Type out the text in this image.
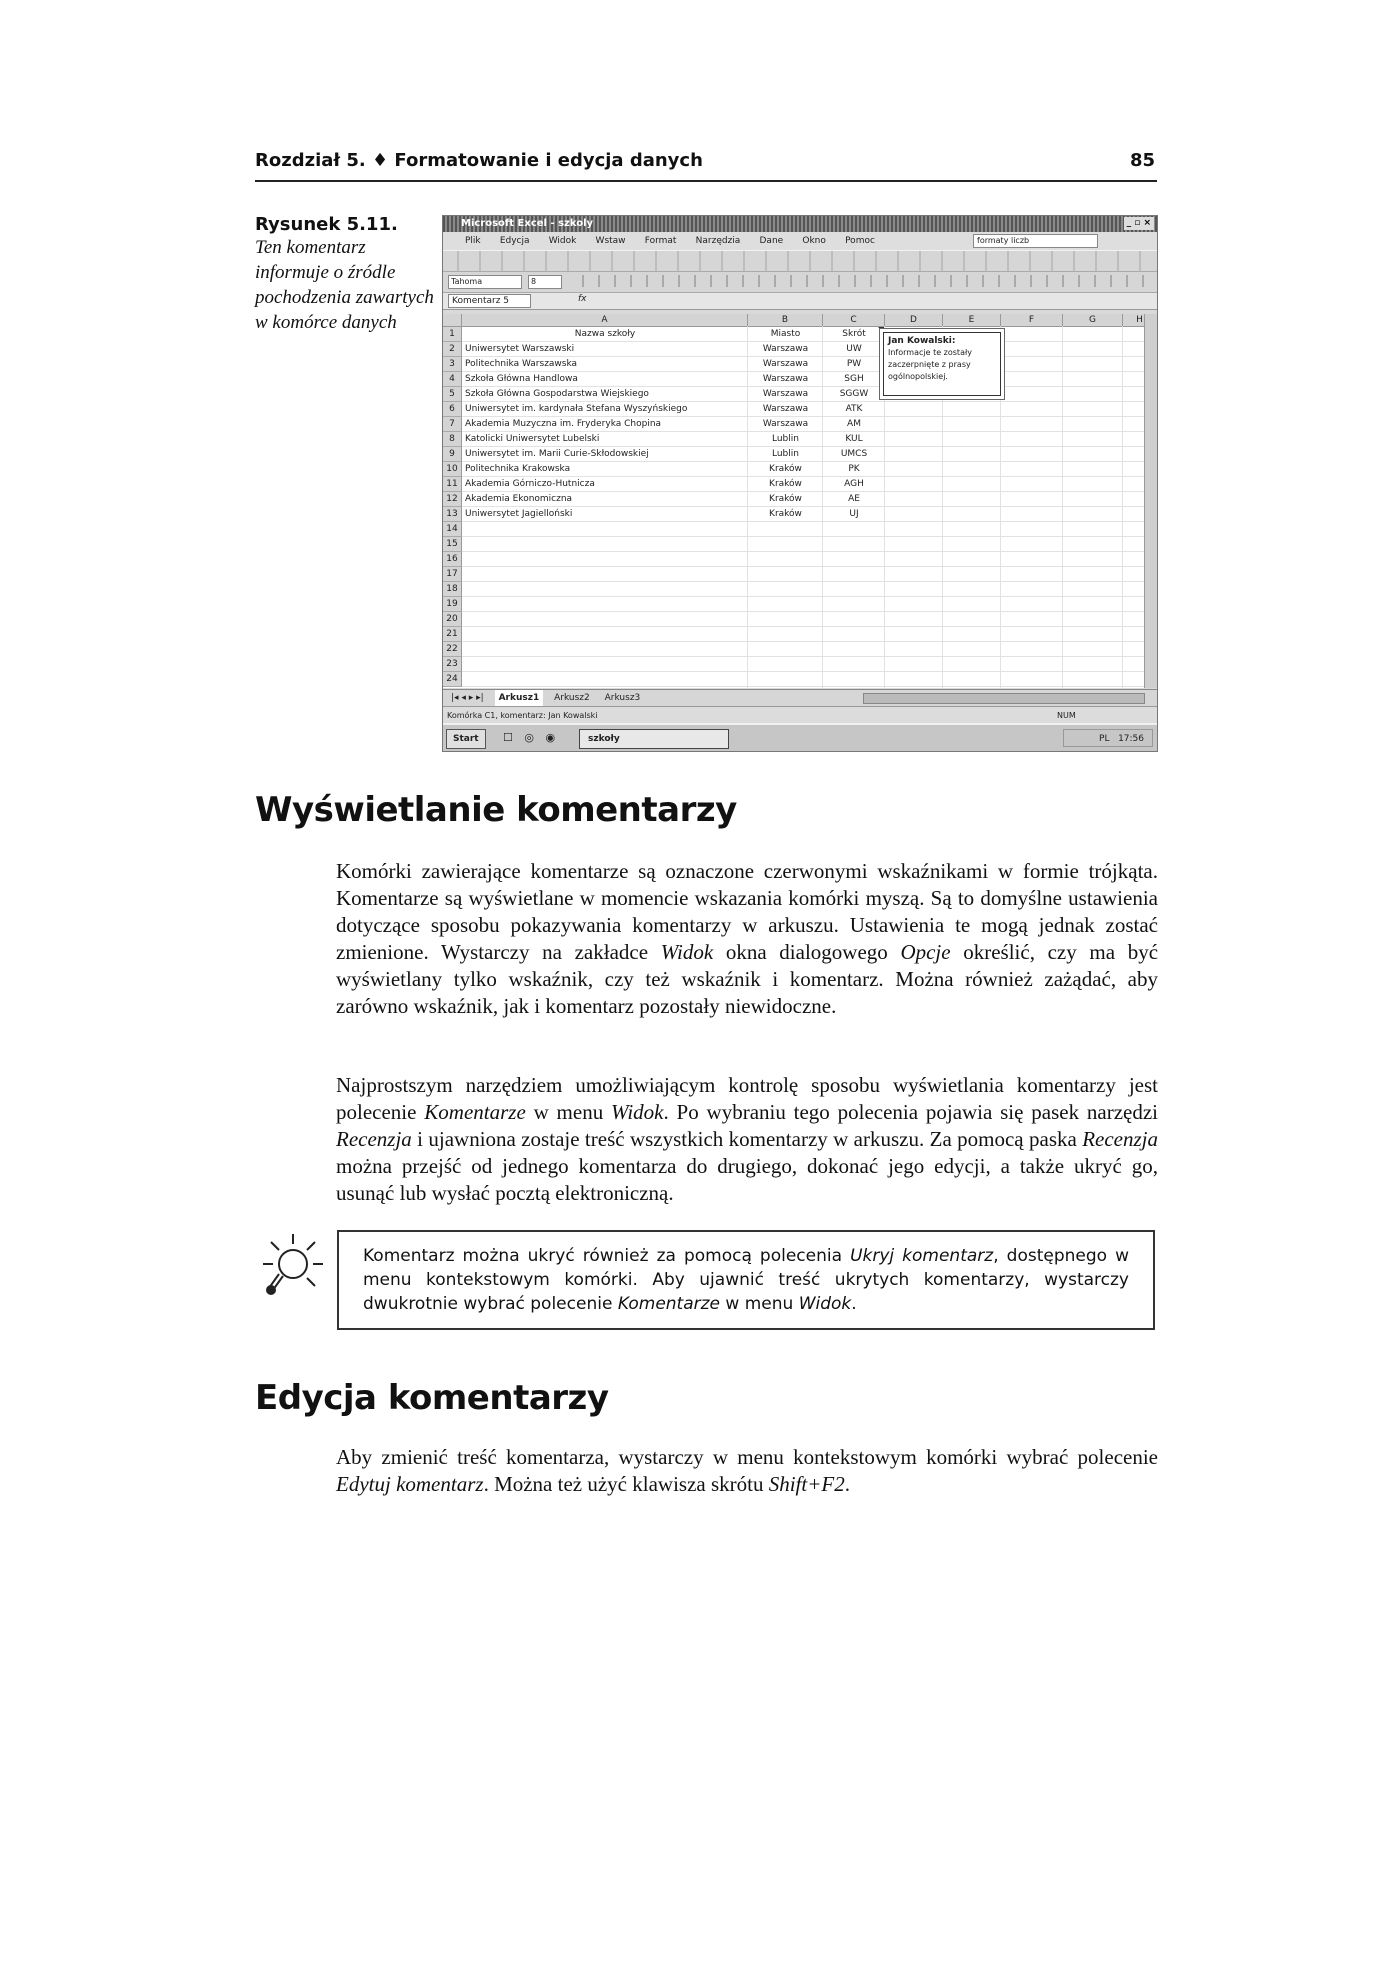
Rozdział 5. ♦ Formatowanie i edycja danych	85
Rysunek 5.11.
Ten komentarz informuje o źródle pochodzenia zawartych w komórce danych
Microsoft Excel - szkoly	_ ▫ ×
Plik Edycja Widok Wstaw Format Narzędzia Dane Okno Pomoc	formaty liczb
Tahoma	8
Komentarz 5	fx
A	B	C	D	E	F	G	H
1	Nazwa szkoły	Miasto	Skrót
2	Uniwersytet Warszawski	Warszawa	UW
3	Politechnika Warszawska	Warszawa	PW
4	Szkoła Główna Handlowa	Warszawa	SGH
5	Szkoła Główna Gospodarstwa Wiejskiego	Warszawa	SGGW
6	Uniwersytet im. kardynała Stefana Wyszyńskiego	Warszawa	ATK
7	Akademia Muzyczna im. Fryderyka Chopina	Warszawa	AM
8	Katolicki Uniwersytet Lubelski	Lublin	KUL
9	Uniwersytet im. Marii Curie-Skłodowskiej	Lublin	UMCS
10 Politechnika Krakowska	Kraków	PK
11 Akademia Górniczo-Hutnicza	Kraków	AGH
12 Akademia Ekonomiczna	Kraków	AE
13 Uniwersytet Jagielloński	Kraków	UJ
14
15
16
17
18
19
20
21
22
23
24
Jan Kowalski:
Informacje te zostały zaczerpnięte z prasy ogólnopolskiej.
|◂ ◂ ▸ ▸| Arkusz1 Arkusz2 Arkusz3
Komórka C1, komentarz: Jan Kowalski	NUM
Start	☐ ◎ ◉	szkoły	PL 17:56
Wyświetlanie komentarzy

Komórki zawierające komentarze są oznaczone czerwonymi wskaźnikami w formie trójkąta. Komentarze są wyświetlane w momencie wskazania komórki myszą. Są to domyślne ustawienia dotyczące sposobu pokazywania komentarzy w arkuszu. Ustawienia te mogą jednak zostać zmienione. Wystarczy na zakładce Widok okna dialogowego Opcje określić, czy ma być wyświetlany tylko wskaźnik, czy też wskaźnik i komentarz. Można również zażądać, aby zarówno wskaźnik, jak i komentarz pozostały niewidoczne.

Najprostszym narzędziem umożliwiającym kontrolę sposobu wyświetlania komentarzy jest polecenie Komentarze w menu Widok. Po wybraniu tego polecenia pojawia się pasek narzędzi Recenzja i ujawniona zostaje treść wszystkich komentarzy w arkuszu. Za pomocą paska Recenzja można przejść od jednego komentarza do drugiego, dokonać jego edycji, a także ukryć go, usunąć lub wysłać pocztą elektroniczną.

Komentarz można ukryć również za pomocą polecenia Ukryj komentarz, dostępnego w menu kontekstowym komórki. Aby ujawnić treść ukrytych komentarzy, wystarczy dwukrotnie wybrać polecenie Komentarze w menu Widok.
Edycja komentarzy

Aby zmienić treść komentarza, wystarczy w menu kontekstowym komórki wybrać polecenie Edytuj komentarz. Można też użyć klawisza skrótu Shift+F2.
